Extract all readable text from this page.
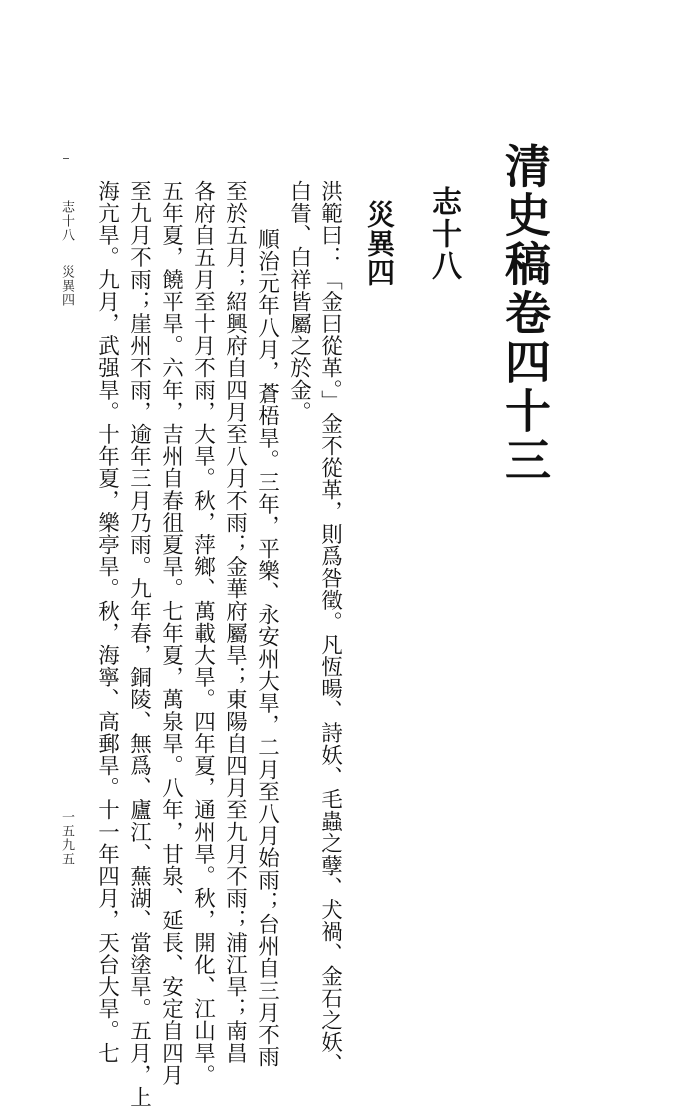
清史稿卷四十三
志十八
災異四
洪範曰：「金曰從革。」金不從革，則爲咎徵。凡恆暘、詩妖、毛蟲之孽、犬禍、金石之妖、
白眚、白祥皆屬之於金。
順治元年八月，蒼梧旱。三年，平樂、永安州大旱，二月至八月始雨；台州自三月不雨
至於五月；紹興府自四月至八月不雨；金華府屬旱；東陽自四月至九月不雨；浦江旱；南昌
各府自五月至十月不雨，大旱。秋，萍鄉、萬載大旱。四年夏，通州旱。秋，開化、江山旱。
五年夏，饒平旱。六年，吉州自春徂夏旱。七年夏，萬泉旱。八年，甘泉、延長、安定自四月
至九月不雨；崖州不雨，逾年三月乃雨。九年春，銅陵、無爲、廬江、蕪湖、當塗旱。五月，上
海亢旱。九月，武强旱。十年夏，樂亭旱。秋，海寧、高郵旱。十一年四月，天台大旱。七
志十八
災異四
一五九五
